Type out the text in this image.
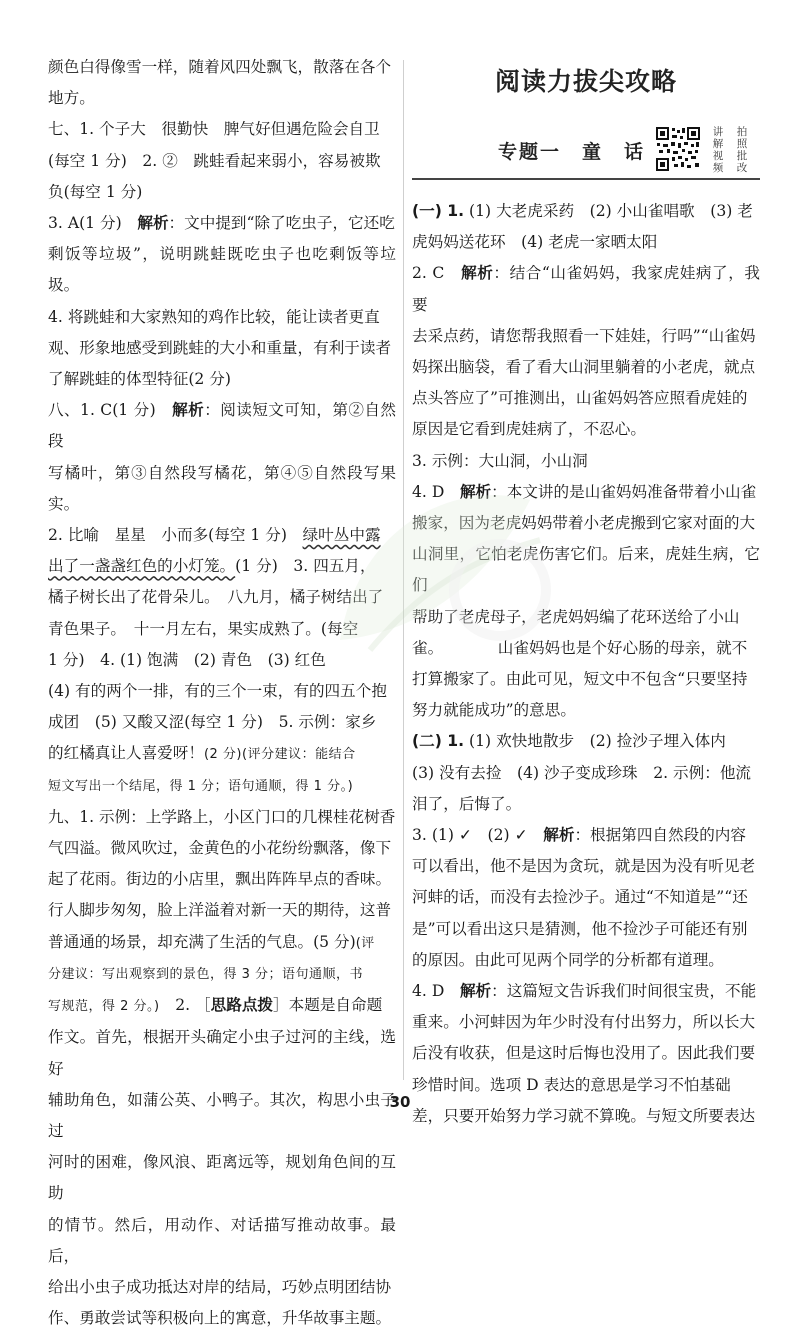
颜色白得像雪一样，随着风四处飘飞，散落在各个

地方。

七、1. 个子大　很勤快　脾气好但遇危险会自卫

(每空 1 分)　2. ②　跳蛙看起来弱小，容易被欺

负(每空 1 分)

3. A(1 分)　解析：文中提到“除了吃虫子，它还吃

剩饭等垃圾”，说明跳蛙既吃虫子也吃剩饭等垃圾。

4. 将跳蛙和大家熟知的鸡作比较，能让读者更直

观、形象地感受到跳蛙的大小和重量，有利于读者

了解跳蛙的体型特征(2 分)

八、1. C(1 分)　解析：阅读短文可知，第②自然段

写橘叶，第③自然段写橘花，第④⑤自然段写果实。

2. 比喻　星星　小而多(每空 1 分)　绿叶丛中露

出了一盏盏红色的小灯笼。(1 分)　3. 四五月，

橘子树长出了花骨朵儿。　八九月，橘子树结出了

青色果子。　十一月左右，果实成熟了。(每空

1 分)　4. (1) 饱满　(2) 青色　(3) 红色

(4) 有的两个一排，有的三个一束，有的四五个抱

成团　(5) 又酸又涩(每空 1 分)　5. 示例：家乡

的红橘真让人喜爱呀！(2 分)(评分建议：能结合

短文写出一个结尾，得 1 分；语句通顺，得 1 分。)

九、1. 示例：上学路上，小区门口的几棵桂花树香

气四溢。微风吹过，金黄色的小花纷纷飘落，像下

起了花雨。街边的小店里，飘出阵阵早点的香味。

行人脚步匆匆，脸上洋溢着对新一天的期待，这普

普通通的场景，却充满了生活的气息。(5 分)(评

分建议：写出观察到的景色，得 3 分；语句通顺，书

写规范，得 2 分。)　2. ［思路点拨］本题是自命题

作文。首先，根据开头确定小虫子过河的主线，选好

辅助角色，如蒲公英、小鸭子。其次，构思小虫子过

河时的困难，像风浪、距离远等，规划角色间的互助

的情节。然后，用动作、对话描写推动故事。最后，

给出小虫子成功抵达对岸的结局，巧妙点明团结协

作、勇敢尝试等积极向上的寓意，升华故事主题。

阅读力拔尖攻略
专题一　童　话
讲	拍
解	照
视	批
频	改

(一) 1. (1) 大老虎采药　(2) 小山雀唱歌　(3) 老

虎妈妈送花环　(4) 老虎一家晒太阳

2. C　解析：结合“山雀妈妈，我家虎娃病了，我要

去采点药，请您帮我照看一下娃娃，行吗”“山雀妈

妈探出脑袋，看了看大山洞里躺着的小老虎，就点

点头答应了”可推测出，山雀妈妈答应照看虎娃的

原因是它看到虎娃病了，不忍心。

3. 示例：大山洞，小山洞

4. D　解析：本文讲的是山雀妈妈准备带着小山雀

搬家，因为老虎妈妈带着小老虎搬到它家对面的大

山洞里，它怕老虎伤害它们。后来，虎娃生病，它们

帮助了老虎母子，老虎妈妈编了花环送给了小山

雀。　　　　山雀妈妈也是个好心肠的母亲，就不

打算搬家了。由此可见，短文中不包含“只要坚持

努力就能成功”的意思。

(二) 1. (1) 欢快地散步　(2) 捡沙子埋入体内

(3) 没有去捡　(4) 沙子变成珍珠　2. 示例：他流

泪了，后悔了。

3. (1) ✓　(2) ✓　解析：根据第四自然段的内容

可以看出，他不是因为贪玩，就是因为没有听见老

河蚌的话，而没有去捡沙子。通过“不知道是”“还

是”可以看出这只是猜测，他不捡沙子可能还有别

的原因。由此可见两个同学的分析都有道理。

4. D　解析：这篇短文告诉我们时间很宝贵，不能

重来。小河蚌因为年少时没有付出努力，所以长大

后没有收获，但是这时后悔也没用了。因此我们要

珍惜时间。选项 D 表达的意思是学习不怕基础

差，只要开始努力学习就不算晚。与短文所要表达

30
